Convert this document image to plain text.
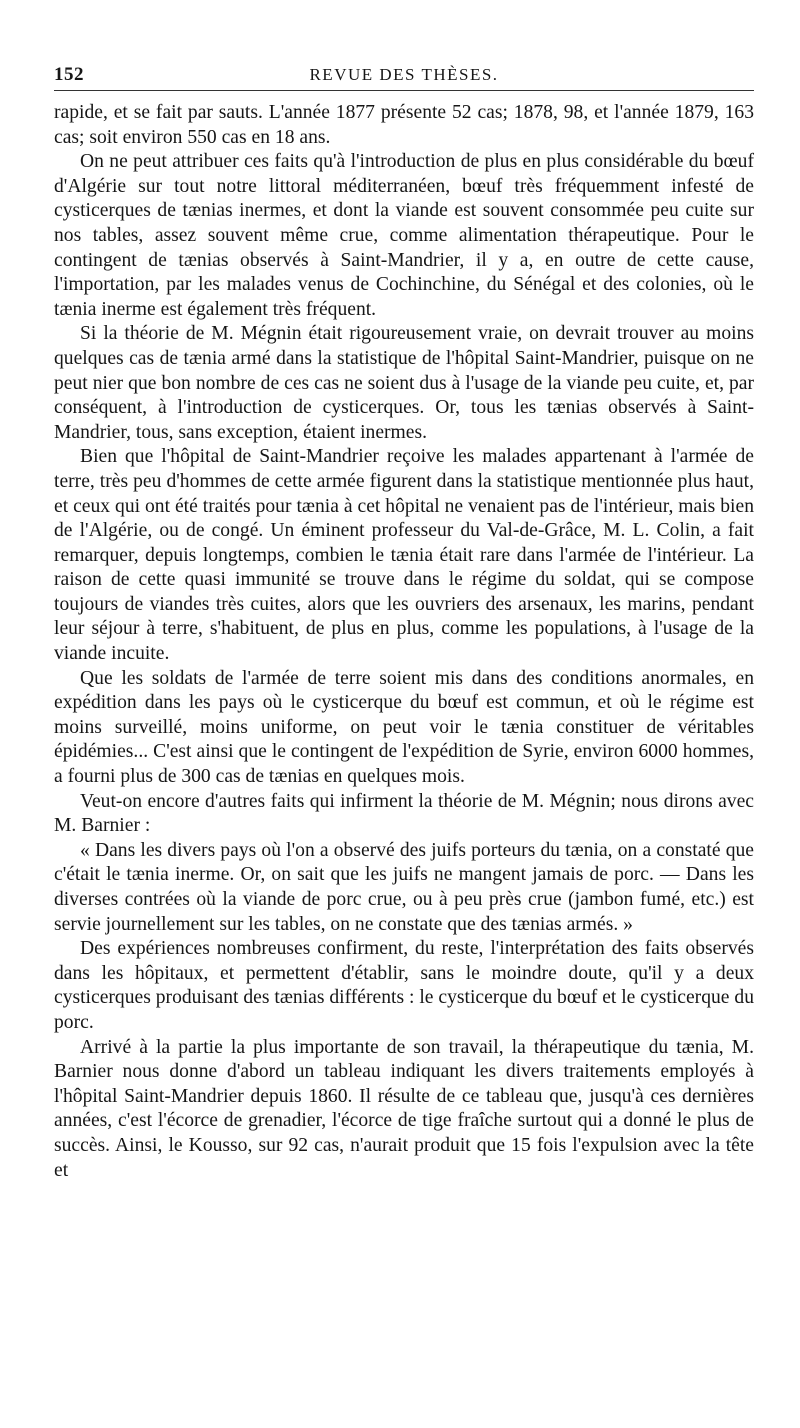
152	REVUE DES THÈSES.

rapide, et se fait par sauts. L'année 1877 présente 52 cas; 1878, 98, et l'année 1879, 163 cas; soit environ 550 cas en 18 ans.

On ne peut attribuer ces faits qu'à l'introduction de plus en plus considérable du bœuf d'Algérie sur tout notre littoral méditerranéen, bœuf très fréquemment infesté de cysticerques de tænias inermes, et dont la viande est souvent consommée peu cuite sur nos tables, assez souvent même crue, comme alimentation thérapeutique. Pour le contingent de tænias observés à Saint-Mandrier, il y a, en outre de cette cause, l'importation, par les malades venus de Cochinchine, du Sénégal et des colonies, où le tænia inerme est également très fréquent.

Si la théorie de M. Mégnin était rigoureusement vraie, on devrait trouver au moins quelques cas de tænia armé dans la statistique de l'hôpital Saint-Mandrier, puisque on ne peut nier que bon nombre de ces cas ne soient dus à l'usage de la viande peu cuite, et, par conséquent, à l'introduction de cysticerques. Or, tous les tænias observés à Saint-Mandrier, tous, sans exception, étaient inermes.

Bien que l'hôpital de Saint-Mandrier reçoive les malades appartenant à l'armée de terre, très peu d'hommes de cette armée figurent dans la statistique mentionnée plus haut, et ceux qui ont été traités pour tænia à cet hôpital ne venaient pas de l'intérieur, mais bien de l'Algérie, ou de congé. Un éminent professeur du Val-de-Grâce, M. L. Colin, a fait remarquer, depuis longtemps, combien le tænia était rare dans l'armée de l'intérieur. La raison de cette quasi immunité se trouve dans le régime du soldat, qui se compose toujours de viandes très cuites, alors que les ouvriers des arsenaux, les marins, pendant leur séjour à terre, s'habituent, de plus en plus, comme les populations, à l'usage de la viande incuite.

Que les soldats de l'armée de terre soient mis dans des conditions anormales, en expédition dans les pays où le cysticerque du bœuf est commun, et où le régime est moins surveillé, moins uniforme, on peut voir le tænia constituer de véritables épidémies... C'est ainsi que le contingent de l'expédition de Syrie, environ 6000 hommes, a fourni plus de 300 cas de tænias en quelques mois.

Veut-on encore d'autres faits qui infirment la théorie de M. Mégnin; nous dirons avec M. Barnier :

« Dans les divers pays où l'on a observé des juifs porteurs du tænia, on a constaté que c'était le tænia inerme. Or, on sait que les juifs ne mangent jamais de porc. — Dans les diverses contrées où la viande de porc crue, ou à peu près crue (jambon fumé, etc.) est servie journellement sur les tables, on ne constate que des tænias armés. »

Des expériences nombreuses confirment, du reste, l'interprétation des faits observés dans les hôpitaux, et permettent d'établir, sans le moindre doute, qu'il y a deux cysticerques produisant des tænias différents : le cysticerque du bœuf et le cysticerque du porc.

Arrivé à la partie la plus importante de son travail, la thérapeutique du tænia, M. Barnier nous donne d'abord un tableau indiquant les divers traitements employés à l'hôpital Saint-Mandrier depuis 1860. Il résulte de ce tableau que, jusqu'à ces dernières années, c'est l'écorce de grenadier, l'écorce de tige fraîche surtout qui a donné le plus de succès. Ainsi, le Kousso, sur 92 cas, n'aurait produit que 15 fois l'expulsion avec la tête et
